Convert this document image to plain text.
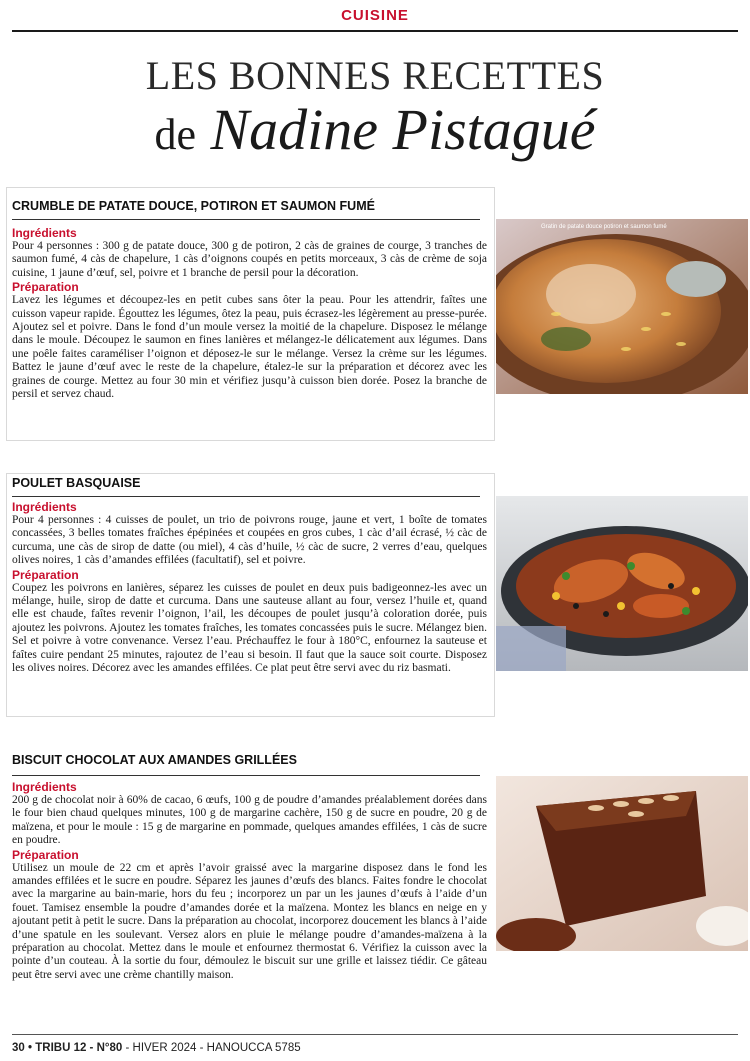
CUISINE
LES BONNES RECETTES
de Nadine Pistagué
CRUMBLE DE PATATE DOUCE, POTIRON ET SAUMON FUMÉ
Ingrédients

Pour 4 personnes : 300 g de patate douce, 300 g de potiron, 2 càs de graines de courge, 3 tranches de saumon fumé, 4 càs de chapelure, 1 càs d’oignons coupés en petits morceaux, 3 càs de crème de soja cuisine, 1 jaune d’œuf, sel, poivre et 1 branche de persil pour la décoration.

Préparation

Lavez les légumes et découpez-les en petit cubes sans ôter la peau. Pour les attendrir, faîtes une cuisson vapeur rapide. Égouttez les légumes, ôtez la peau, puis écrasez-les légèrement au presse-purée. Ajoutez sel et poivre. Dans le fond d’un moule versez la moitié de la chapelure. Disposez le mélange dans le moule. Découpez le saumon en fines lanières et mélangez-le délicatement aux légumes. Dans une poêle faites caraméliser l’oignon et déposez-le sur le mélange. Versez la crème sur les légumes. Battez le jaune d’œuf avec le reste de la chapelure, étalez-le sur la préparation et décorez avec les graines de courge. Mettez au four 30 min et vérifiez jusqu’à cuisson bien dorée. Posez la branche de persil et servez chaud.

Gratin de patate douce potiron et saumon fumé
POULET BASQUAISE
Ingrédients

Pour 4 personnes : 4 cuisses de poulet, un trio de poivrons rouge, jaune et vert, 1 boîte de tomates concassées, 3 belles tomates fraîches épépinées et coupées en gros cubes, 1 càc d’ail écrasé, ½ càc de curcuma, une càs de sirop de datte (ou miel), 4 càs d’huile, ½ càc de sucre, 2 verres d’eau, quelques olives noires, 1 càs d’amandes effilées (facultatif), sel et poivre.

Préparation

Coupez les poivrons en lanières, séparez les cuisses de poulet en deux puis badigeonnez-les avec un mélange, huile, sirop de datte et curcuma. Dans une sauteuse allant au four, versez l’huile et, quand elle est chaude, faîtes revenir l’oignon, l’ail, les découpes de poulet jusqu’à coloration dorée, puis ajoutez les poivrons. Ajoutez les tomates fraîches, les tomates concassées puis le sucre. Mélangez bien. Sel et poivre à votre convenance. Versez l’eau. Préchauffez le four à 180°C, enfournez la sauteuse et faîtes cuire pendant 25 minutes, rajoutez de l’eau si besoin. Il faut que la sauce soit courte. Disposez les olives noires. Décorez avec les amandes effilées. Ce plat peut être servi avec du riz basmati.

BISCUIT CHOCOLAT AUX AMANDES GRILLÉES
Ingrédients

200 g de chocolat noir à 60% de cacao, 6 œufs, 100 g de poudre d’amandes préalablement dorées dans le four bien chaud quelques minutes, 100 g de margarine cachère, 150 g de sucre en poudre, 20 g de maïzena, et pour le moule : 15 g de margarine en pommade, quelques amandes effilées, 1 càs de sucre en poudre.

Préparation

Utilisez un moule de 22 cm et après l’avoir graissé avec la margarine disposez dans le fond les amandes effilées et le sucre en poudre. Séparez les jaunes d’œufs des blancs. Faites fondre le chocolat avec la margarine au bain-marie, hors du feu ; incorporez un par un les jaunes d’œufs à l’aide d’un fouet. Tamisez ensemble la poudre d’amandes dorée et la maïzena. Montez les blancs en neige en y ajoutant petit à petit le sucre. Dans la préparation au chocolat, incorporez doucement les blancs à l’aide d’une spatule en les soulevant. Versez alors en pluie le mélange poudre d’amandes-maïzena à la préparation au chocolat. Mettez dans le moule et enfournez thermostat 6. Vérifiez la cuisson avec la pointe d’un couteau. À la sortie du four, démoulez le biscuit sur une grille et laissez tiédir. Ce gâteau peut être servi avec une crème chantilly maison.

30 • TRIBU 12 - N°80 - HIVER 2024 - HANOUCCA 5785
